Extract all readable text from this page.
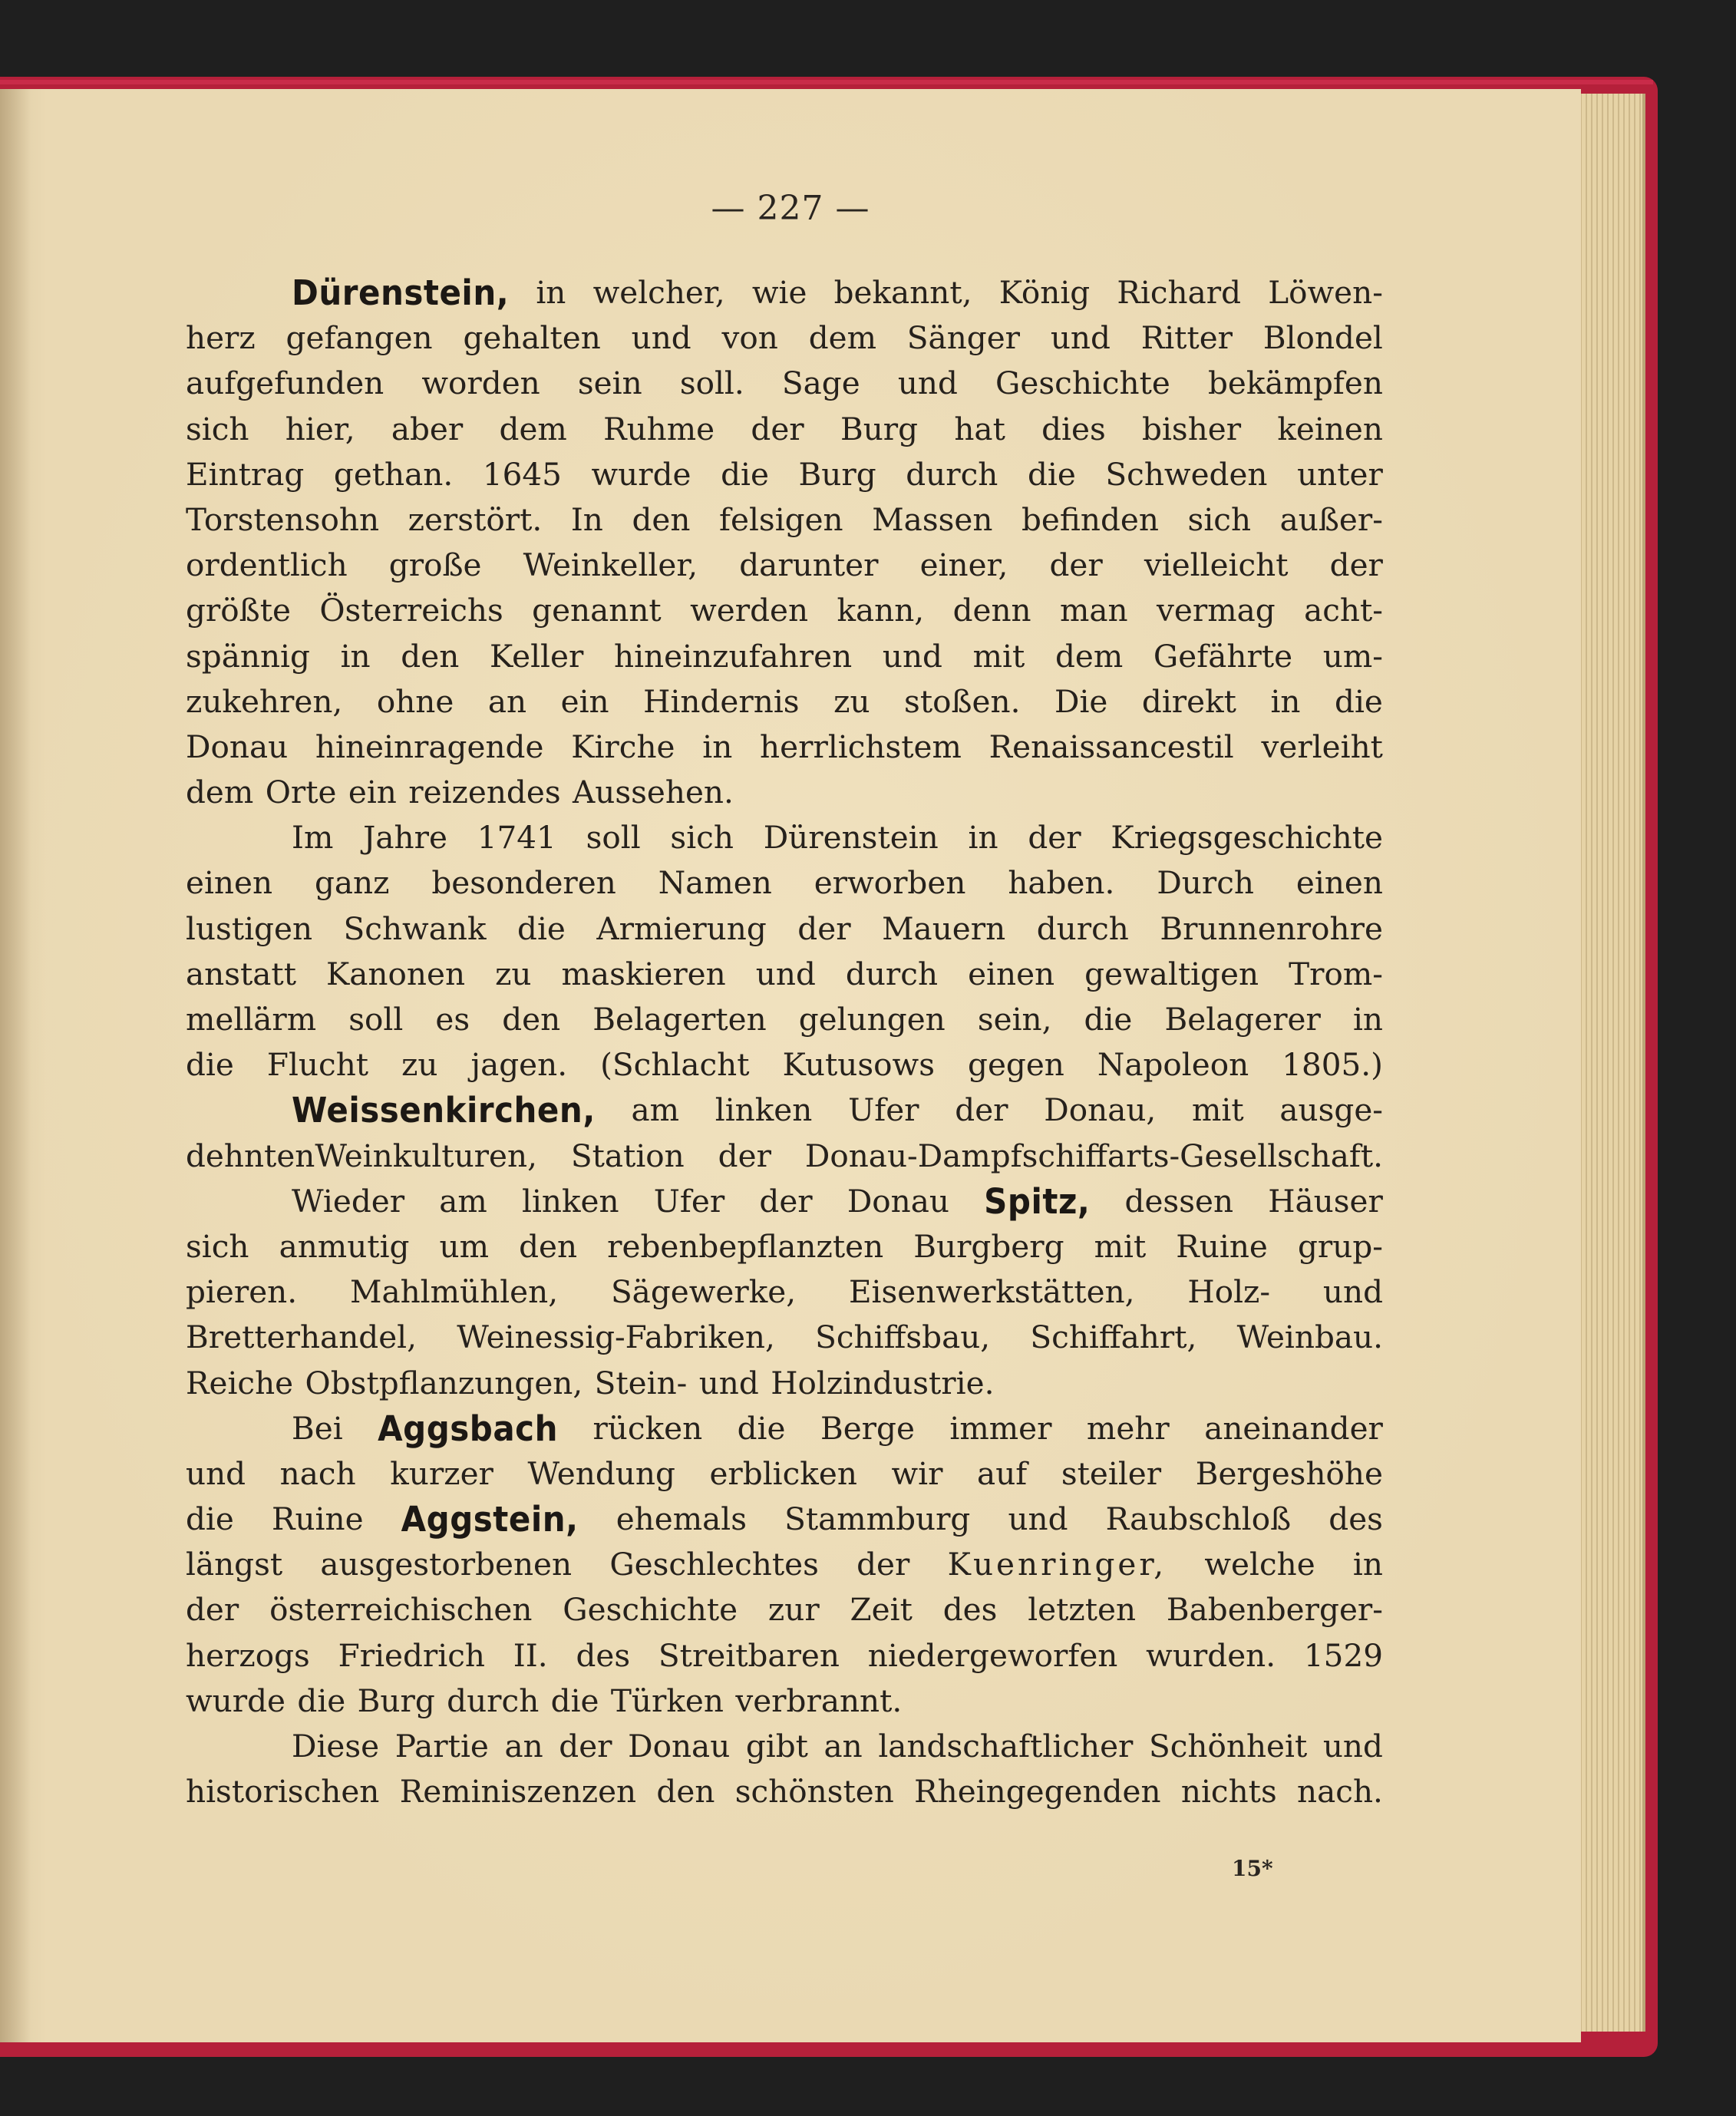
— 227 —
Dürenstein, in welcher, wie bekannt, König Richard Löwen-
herz gefangen gehalten und von dem Sänger und Ritter Blondel
aufgefunden worden sein soll. Sage und Geschichte bekämpfen
sich hier, aber dem Ruhme der Burg hat dies bisher keinen
Eintrag gethan. 1645 wurde die Burg durch die Schweden unter
Torstensohn zerstört. In den felsigen Massen befinden sich außer-
ordentlich große Weinkeller, darunter einer, der vielleicht der
größte Österreichs genannt werden kann, denn man vermag acht-
spännig in den Keller hineinzufahren und mit dem Gefährte um-
zukehren, ohne an ein Hindernis zu stoßen. Die direkt in die
Donau hineinragende Kirche in herrlichstem Renaissancestil verleiht
dem Orte ein reizendes Aussehen.
Im Jahre 1741 soll sich Dürenstein in der Kriegsgeschichte
einen ganz besonderen Namen erworben haben. Durch einen
lustigen Schwank die Armierung der Mauern durch Brunnenrohre
anstatt Kanonen zu maskieren und durch einen gewaltigen Trom-
mellärm soll es den Belagerten gelungen sein, die Belagerer in
die Flucht zu jagen. (Schlacht Kutusows gegen Napoleon 1805.)
Weissenkirchen, am linken Ufer der Donau, mit ausge-
dehntenWeinkulturen, Station der Donau-Dampfschiffarts-Gesellschaft.
Wieder am linken Ufer der Donau Spitz, dessen Häuser
sich anmutig um den rebenbepflanzten Burgberg mit Ruine grup-
pieren. Mahlmühlen, Sägewerke, Eisenwerkstätten, Holz- und
Bretterhandel, Weinessig-Fabriken, Schiffsbau, Schiffahrt, Weinbau.
Reiche Obstpflanzungen, Stein- und Holzindustrie.
Bei Aggsbach rücken die Berge immer mehr aneinander
und nach kurzer Wendung erblicken wir auf steiler Bergeshöhe
die Ruine Aggstein, ehemals Stammburg und Raubschloß des
längst ausgestorbenen Geschlechtes der Kuenringer, welche in
der österreichischen Geschichte zur Zeit des letzten Babenberger-
herzogs Friedrich II. des Streitbaren niedergeworfen wurden. 1529
wurde die Burg durch die Türken verbrannt.
Diese Partie an der Donau gibt an landschaftlicher Schönheit und
historischen Reminiszenzen den schönsten Rheingegenden nichts nach.
15*
